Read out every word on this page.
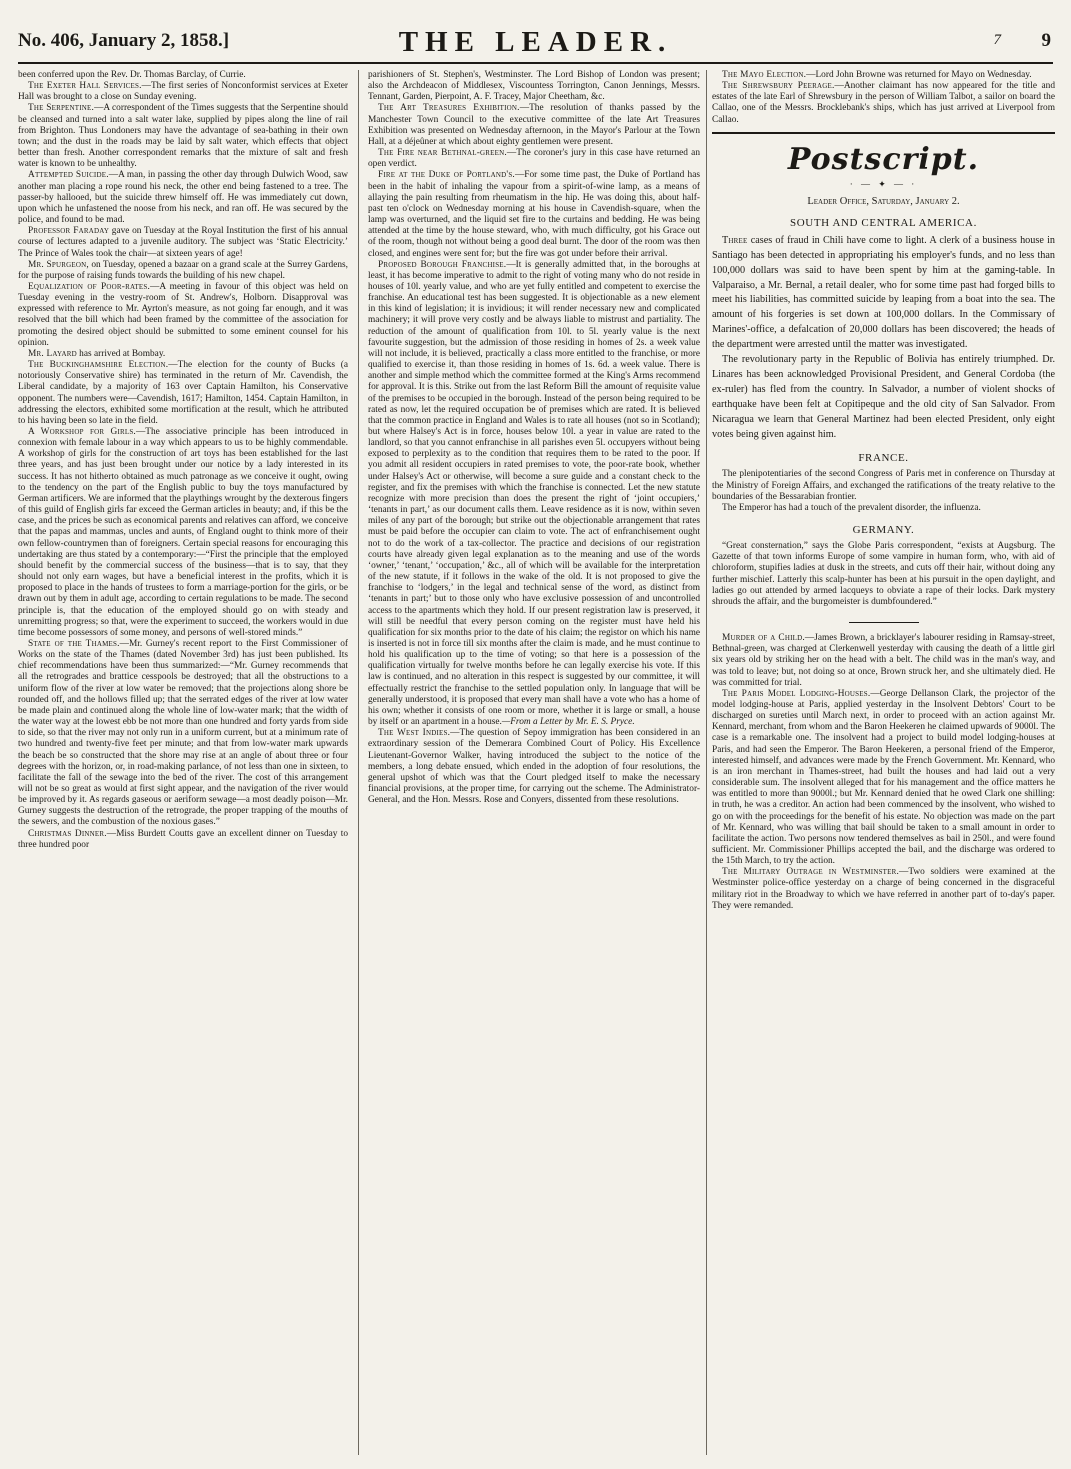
No. 406, January 2, 1858.]	THE LEADER.	7 9

been conferred upon the Rev. Dr. Thomas Barclay, of Currie.

The Exeter Hall Services.—The first series of Nonconformist services at Exeter Hall was brought to a close on Sunday evening.

The Serpentine.—A correspondent of the Times suggests that the Serpentine should be cleansed and turned into a salt water lake, supplied by pipes along the line of rail from Brighton. Thus Londoners may have the advantage of sea-bathing in their own town; and the dust in the roads may be laid by salt water, which effects that object better than fresh. Another correspondent remarks that the mixture of salt and fresh water is known to be unhealthy.

Attempted Suicide.—A man, in passing the other day through Dulwich Wood, saw another man placing a rope round his neck, the other end being fastened to a tree. The passer-by hallooed, but the suicide threw himself off. He was immediately cut down, upon which he unfastened the noose from his neck, and ran off. He was secured by the police, and found to be mad.

Professor Faraday gave on Tuesday at the Royal Institution the first of his annual course of lectures adapted to a juvenile auditory. The subject was ‘Static Electricity.’ The Prince of Wales took the chair—at sixteen years of age!

Mr. Spurgeon, on Tuesday, opened a bazaar on a grand scale at the Surrey Gardens, for the purpose of raising funds towards the building of his new chapel.

Equalization of Poor-rates.—A meeting in favour of this object was held on Tuesday evening in the vestry-room of St. Andrew's, Holborn. Disapproval was expressed with reference to Mr. Ayrton's measure, as not going far enough, and it was resolved that the bill which had been framed by the committee of the association for promoting the desired object should be submitted to some eminent counsel for his opinion.

Mr. Layard has arrived at Bombay.

The Buckinghamshire Election.—The election for the county of Bucks (a notoriously Conservative shire) has terminated in the return of Mr. Cavendish, the Liberal candidate, by a majority of 163 over Captain Hamilton, his Conservative opponent. The numbers were—Cavendish, 1617; Hamilton, 1454. Captain Hamilton, in addressing the electors, exhibited some mortification at the result, which he attributed to his having been so late in the field.

A Workshop for Girls.—The associative principle has been introduced in connexion with female labour in a way which appears to us to be highly commendable. A workshop of girls for the construction of art toys has been established for the last three years, and has just been brought under our notice by a lady interested in its success. It has not hitherto obtained as much patronage as we conceive it ought, owing to the tendency on the part of the English public to buy the toys manufactured by German artificers. We are informed that the playthings wrought by the dexterous fingers of this guild of English girls far exceed the German articles in beauty; and, if this be the case, and the prices be such as economical parents and relatives can afford, we conceive that the papas and mammas, uncles and aunts, of England ought to think more of their own fellow-countrymen than of foreigners. Certain special reasons for encouraging this undertaking are thus stated by a contemporary:—“First the principle that the employed should benefit by the commercial success of the business—that is to say, that they should not only earn wages, but have a beneficial interest in the profits, which it is proposed to place in the hands of trustees to form a marriage-portion for the girls, or be drawn out by them in adult age, according to certain regulations to be made. The second principle is, that the education of the employed should go on with steady and unremitting progress; so that, were the experiment to succeed, the workers would in due time become possessors of some money, and persons of well-stored minds.”

State of the Thames.—Mr. Gurney's recent report to the First Commissioner of Works on the state of the Thames (dated November 3rd) has just been published. Its chief recommendations have been thus summarized:—“Mr. Gurney recommends that all the retrogrades and brattice cesspools be destroyed; that all the obstructions to a uniform flow of the river at low water be removed; that the projections along shore be rounded off, and the hollows filled up; that the serrated edges of the river at low water be made plain and continued along the whole line of low-water mark; that the width of the water way at the lowest ebb be not more than one hundred and forty yards from side to side, so that the river may not only run in a uniform current, but at a minimum rate of two hundred and twenty-five feet per minute; and that from low-water mark upwards the beach be so constructed that the shore may rise at an angle of about three or four degrees with the horizon, or, in road-making parlance, of not less than one in sixteen, to facilitate the fall of the sewage into the bed of the river. The cost of this arrangement will not be so great as would at first sight appear, and the navigation of the river would be improved by it. As regards gaseous or aeriform sewage—a most deadly poison—Mr. Gurney suggests the destruction of the retrograde, the proper trapping of the mouths of the sewers, and the combustion of the noxious gases.”

Christmas Dinner.—Miss Burdett Coutts gave an excellent dinner on Tuesday to three hundred poor

parishioners of St. Stephen's, Westminster. The Lord Bishop of London was present; also the Archdeacon of Middlesex, Viscountess Torrington, Canon Jennings, Messrs. Tennant, Garden, Pierpoint, A. F. Tracey, Major Cheetham, &c.

The Art Treasures Exhibition.—The resolution of thanks passed by the Manchester Town Council to the executive committee of the late Art Treasures Exhibition was presented on Wednesday afternoon, in the Mayor's Parlour at the Town Hall, at a déjeûner at which about eighty gentlemen were present.

The Fire near Bethnal-green.—The coroner's jury in this case have returned an open verdict.

Fire at the Duke of Portland's.—For some time past, the Duke of Portland has been in the habit of inhaling the vapour from a spirit-of-wine lamp, as a means of allaying the pain resulting from rheumatism in the hip. He was doing this, about half-past ten o'clock on Wednesday morning at his house in Cavendish-square, when the lamp was overturned, and the liquid set fire to the curtains and bedding. He was being attended at the time by the house steward, who, with much difficulty, got his Grace out of the room, though not without being a good deal burnt. The door of the room was then closed, and engines were sent for; but the fire was got under before their arrival.

Proposed Borough Franchise.—It is generally admitted that, in the boroughs at least, it has become imperative to admit to the right of voting many who do not reside in houses of 10l. yearly value, and who are yet fully entitled and competent to exercise the franchise. An educational test has been suggested. It is objectionable as a new element in this kind of legislation; it is invidious; it will render necessary new and complicated machinery; it will prove very costly and be always liable to mistrust and partiality. The reduction of the amount of qualification from 10l. to 5l. yearly value is the next favourite suggestion, but the admission of those residing in homes of 2s. a week value will not include, it is believed, practically a class more entitled to the franchise, or more qualified to exercise it, than those residing in homes of 1s. 6d. a week value. There is another and simple method which the committee formed at the King's Arms recommend for approval. It is this. Strike out from the last Reform Bill the amount of requisite value of the premises to be occupied in the borough. Instead of the person being required to be rated as now, let the required occupation be of premises which are rated. It is believed that the common practice in England and Wales is to rate all houses (not so in Scotland); but where Halsey's Act is in force, houses below 10l. a year in value are rated to the landlord, so that you cannot enfranchise in all parishes even 5l. occupyers without being exposed to perplexity as to the condition that requires them to be rated to the poor. If you admit all resident occupiers in rated premises to vote, the poor-rate book, whether under Halsey's Act or otherwise, will become a sure guide and a constant check to the register, and fix the premises with which the franchise is connected. Let the new statute recognize with more precision than does the present the right of ‘joint occupiers,’ ‘tenants in part,’ as our document calls them. Leave residence as it is now, within seven miles of any part of the borough; but strike out the objectionable arrangement that rates must be paid before the occupier can claim to vote. The act of enfranchisement ought not to do the work of a tax-collector. The practice and decisions of our registration courts have already given legal explanation as to the meaning and use of the words ‘owner,’ ‘tenant,’ ‘occupation,’ &c., all of which will be available for the interpretation of the new statute, if it follows in the wake of the old. It is not proposed to give the franchise to ‘lodgers,’ in the legal and technical sense of the word, as distinct from ‘tenants in part;’ but to those only who have exclusive possession of and uncontrolled access to the apartments which they hold. If our present registration law is preserved, it will still be needful that every person coming on the register must have held his qualification for six months prior to the date of his claim; the registor on which his name is inserted is not in force till six months after the claim is made, and he must continue to hold his qualification up to the time of voting; so that here is a possession of the qualification virtually for twelve months before he can legally exercise his vote. If this law is continued, and no alteration in this respect is suggested by our committee, it will effectually restrict the franchise to the settled population only. In language that will be generally understood, it is proposed that every man shall have a vote who has a home of his own; whether it consists of one room or more, whether it is large or small, a house by itself or an apartment in a house.—From a Letter by Mr. E. S. Pryce.

The West Indies.—The question of Sepoy immigration has been considered in an extraordinary session of the Demerara Combined Court of Policy. His Excellence Lieutenant-Governor Walker, having introduced the subject to the notice of the members, a long debate ensued, which ended in the adoption of four resolutions, the general upshot of which was that the Court pledged itself to make the necessary financial provisions, at the proper time, for carrying out the scheme. The Administrator-General, and the Hon. Messrs. Rose and Conyers, dissented from these resolutions.

The Mayo Election.—Lord John Browne was returned for Mayo on Wednesday.

The Shrewsbury Peerage.—Another claimant has now appeared for the title and estates of the late Earl of Shrewsbury in the person of William Talbot, a sailor on board the Callao, one of the Messrs. Brocklebank's ships, which has just arrived at Liverpool from Callao.

Postscript.
· — ✦ — ·
Leader Office, Saturday, January 2.
SOUTH AND CENTRAL AMERICA.

Three cases of fraud in Chili have come to light. A clerk of a business house in Santiago has been detected in appropriating his employer's funds, and no less than 100,000 dollars was said to have been spent by him at the gaming-table. In Valparaiso, a Mr. Bernal, a retail dealer, who for some time past had forged bills to meet his liabilities, has committed suicide by leaping from a boat into the sea. The amount of his forgeries is set down at 100,000 dollars. In the Commissary of Marines'-office, a defalcation of 20,000 dollars has been discovered; the heads of the department were arrested until the matter was investigated.

The revolutionary party in the Republic of Bolivia has entirely triumphed. Dr. Linares has been acknowledged Provisional President, and General Cordoba (the ex-ruler) has fled from the country. In Salvador, a number of violent shocks of earthquake have been felt at Copitipeque and the old city of San Salvador. From Nicaragua we learn that General Martinez had been elected President, only eight votes being given against him.

FRANCE.

The plenipotentiaries of the second Congress of Paris met in conference on Thursday at the Ministry of Foreign Affairs, and exchanged the ratifications of the treaty relative to the boundaries of the Bessarabian frontier.

The Emperor has had a touch of the prevalent disorder, the influenza.

GERMANY.

“Great consternation,” says the Globe Paris correspondent, “exists at Augsburg. The Gazette of that town informs Europe of some vampire in human form, who, with aid of chloroform, stupifies ladies at dusk in the streets, and cuts off their hair, without doing any further mischief. Latterly this scalp-hunter has been at his pursuit in the open daylight, and ladies go out attended by armed lacqueys to obviate a rape of their locks. Dark mystery shrouds the affair, and the burgomeister is dumbfoundered.”

Murder of a Child.—James Brown, a bricklayer's labourer residing in Ramsay-street, Bethnal-green, was charged at Clerkenwell yesterday with causing the death of a little girl six years old by striking her on the head with a belt. The child was in the man's way, and was told to leave; but, not doing so at once, Brown struck her, and she ultimately died. He was committed for trial.

The Paris Model Lodging-Houses.—George Dellanson Clark, the projector of the model lodging-house at Paris, applied yesterday in the Insolvent Debtors' Court to be discharged on sureties until March next, in order to proceed with an action against Mr. Kennard, merchant, from whom and the Baron Heekeren he claimed upwards of 9000l. The case is a remarkable one. The insolvent had a project to build model lodging-houses at Paris, and had seen the Emperor. The Baron Heekeren, a personal friend of the Emperor, interested himself, and advances were made by the French Government. Mr. Kennard, who is an iron merchant in Thames-street, had built the houses and had laid out a very considerable sum. The insolvent alleged that for his management and the office matters he was entitled to more than 9000l.; but Mr. Kennard denied that he owed Clark one shilling: in truth, he was a creditor. An action had been commenced by the insolvent, who wished to go on with the proceedings for the benefit of his estate. No objection was made on the part of Mr. Kennard, who was willing that bail should be taken to a small amount in order to facilitate the action. Two persons now tendered themselves as bail in 250l., and were found sufficient. Mr. Commissioner Phillips accepted the bail, and the discharge was ordered to the 15th March, to try the action.

The Military Outrage in Westminster.—Two soldiers were examined at the Westminster police-office yesterday on a charge of being concerned in the disgraceful military riot in the Broadway to which we have referred in another part of to-day's paper. They were remanded.
